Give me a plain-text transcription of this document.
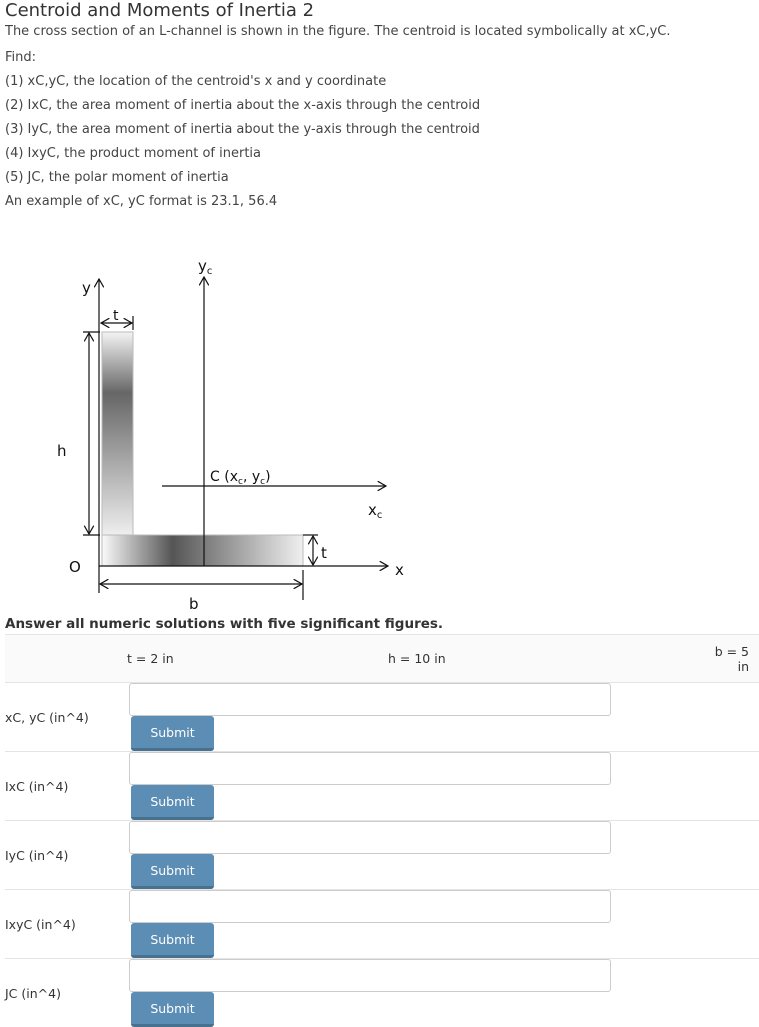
Centroid and Moments of Inertia 2
The cross section of an L-channel is shown in the figure. The centroid is located symbolically at xC,yC.
Find:
(1) xC,yC, the location of the centroid's x and y coordinate
(2) IxC, the area moment of inertia about the x-axis through the centroid
(3) IyC, the area moment of inertia about the y-axis through the centroid
(4) IxyC, the product moment of inertia
(5) JC, the polar moment of inertia
An example of xC, yC format is 23.1, 56.4
$y_c$
y
t
h
C ($x_c$, $y_c$)
$x_c$
t
O	x
b
Answer all numeric solutions with five significant figures.
	t = 2 in	h = 10 in	b = 5 in
xC, yC (in^4)	Submit		
IxC (in^4)	Submit		
IyC (in^4)	Submit		
IxyC (in^4)	Submit		
JC (in^4)	Submit		
